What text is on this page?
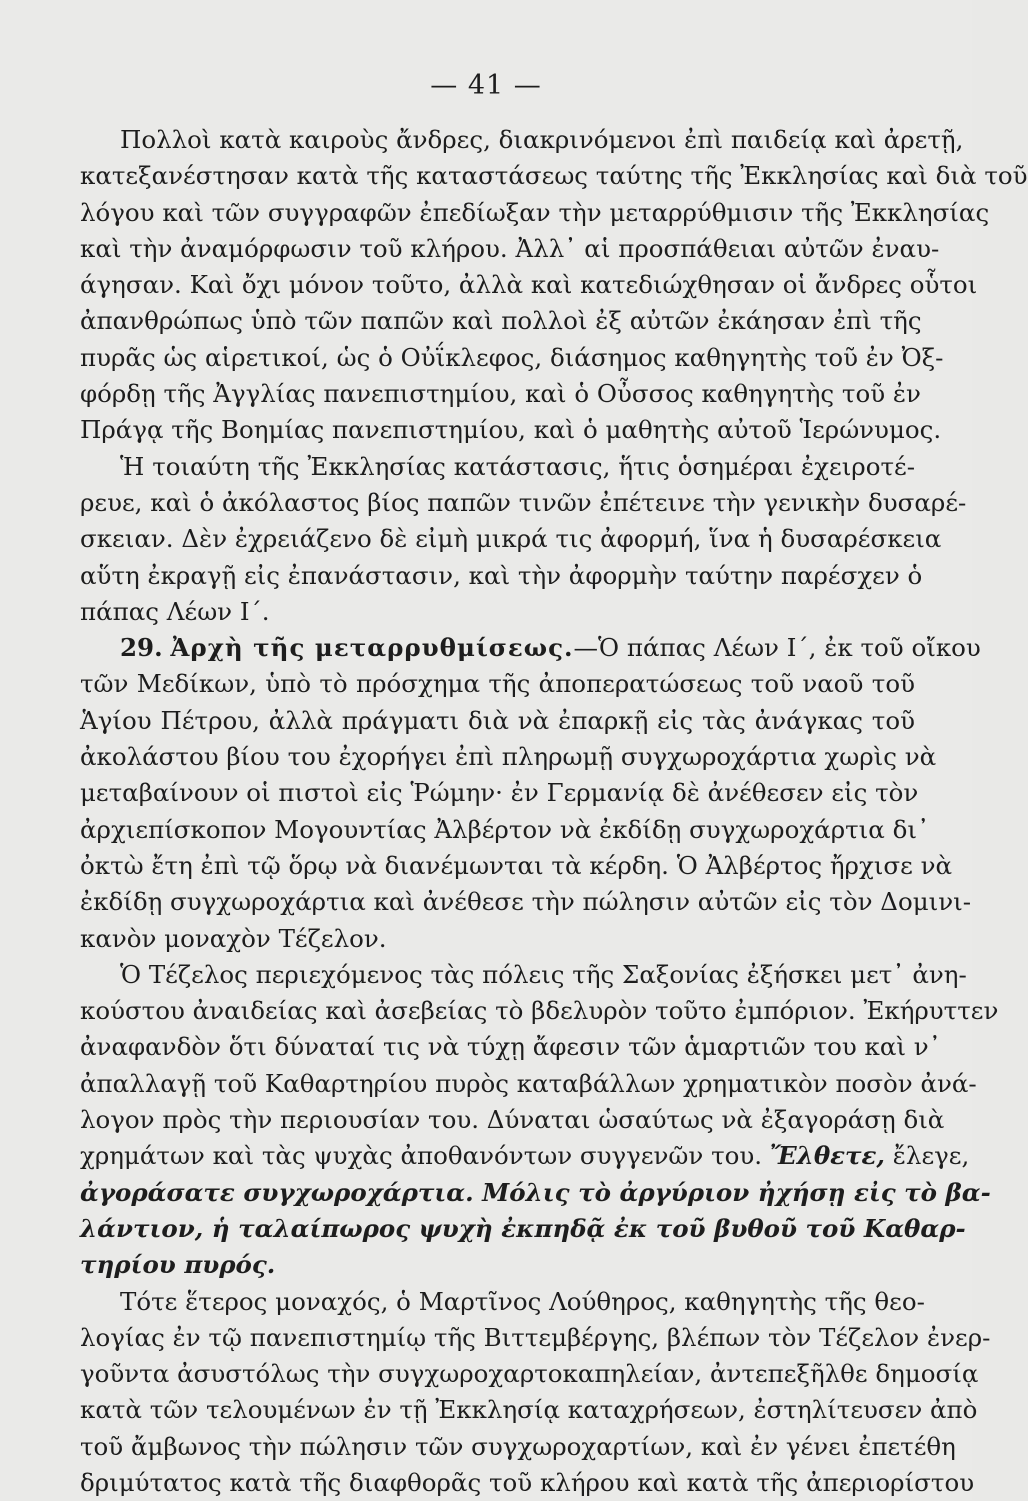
— 41 —
Πολλοὶ κατὰ καιροὺς ἄνδρες, διακρινόμενοι ἐπὶ παιδείᾳ καὶ ἀρετῇ,
κατεξανέστησαν κατὰ τῆς καταστάσεως ταύτης τῆς Ἐκκλησίας καὶ διὰ τοῦ
λόγου καὶ τῶν συγγραφῶν ἐπεδίωξαν τὴν μεταρρύθμισιν τῆς Ἐκκλησίας
καὶ τὴν ἀναμόρφωσιν τοῦ κλήρου. Ἀλλ᾽ αἱ προσπάθειαι αὐτῶν ἐναυ-
άγησαν. Καὶ ὄχι μόνον τοῦτο, ἀλλὰ καὶ κατεδιώχθησαν οἱ ἄνδρες οὗτοι
ἀπανθρώπως ὑπὸ τῶν παπῶν καὶ πολλοὶ ἐξ αὐτῶν ἐκάησαν ἐπὶ τῆς
πυρᾶς ὡς αἱρετικοί, ὡς ὁ Οὐΐκλεφος, διάσημος καθηγητὴς τοῦ ἐν Ὀξ-
φόρδῃ τῆς Ἀγγλίας πανεπιστημίου, καὶ ὁ Οὖσσος καθηγητὴς τοῦ ἐν
Πράγᾳ τῆς Βοημίας πανεπιστημίου, καὶ ὁ μαθητὴς αὐτοῦ Ἱερώνυμος.
Ἡ τοιαύτη τῆς Ἐκκλησίας κατάστασις, ἥτις ὁσημέραι ἐχειροτέ-
ρευε, καὶ ὁ ἀκόλαστος βίος παπῶν τινῶν ἐπέτεινε τὴν γενικὴν δυσαρέ-
σκειαν. Δὲν ἐχρειάζενο δὲ εἰμὴ μικρά τις ἀφορμή, ἵνα ἡ δυσαρέσκεια
αὕτη ἐκραγῇ εἰς ἐπανάστασιν, καὶ τὴν ἀφορμὴν ταύτην παρέσχεν ὁ
πάπας Λέων Ι΄.
29. Ἀρχὴ τῆς μεταρρυθμίσεως.—Ὁ πάπας Λέων Ι΄, ἐκ τοῦ οἴκου
τῶν Μεδίκων, ὑπὸ τὸ πρόσχημα τῆς ἀποπερατώσεως τοῦ ναοῦ τοῦ
Ἁγίου Πέτρου, ἀλλὰ πράγματι διὰ νὰ ἐπαρκῇ εἰς τὰς ἀνάγκας τοῦ
ἀκολάστου βίου του ἐχορήγει ἐπὶ πληρωμῇ συγχωροχάρτια χωρὶς νὰ
μεταβαίνουν οἱ πιστοὶ εἰς Ῥώμην· ἐν Γερμανίᾳ δὲ ἀνέθεσεν εἰς τὸν
ἀρχιεπίσκοπον Μογουντίας Ἀλβέρτον νὰ ἐκδίδῃ συγχωροχάρτια δι᾽
ὀκτὼ ἔτη ἐπὶ τῷ ὅρῳ νὰ διανέμωνται τὰ κέρδη. Ὁ Ἀλβέρτος ἤρχισε νὰ
ἐκδίδῃ συγχωροχάρτια καὶ ἀνέθεσε τὴν πώλησιν αὐτῶν εἰς τὸν Δομινι-
κανὸν μοναχὸν Τέζελον.
Ὁ Τέζελος περιεχόμενος τὰς πόλεις τῆς Σαξονίας ἐξήσκει μετ᾽ ἀνη-
κούστου ἀναιδείας καὶ ἀσεβείας τὸ βδελυρὸν τοῦτο ἐμπόριον. Ἐκήρυττεν
ἀναφανδὸν ὅτι δύναταί τις νὰ τύχῃ ἄφεσιν τῶν ἁμαρτιῶν του καὶ ν᾽
ἀπαλλαγῇ τοῦ Καθαρτηρίου πυρὸς καταβάλλων χρηματικὸν ποσὸν ἀνά-
λογον πρὸς τὴν περιουσίαν του. Δύναται ὡσαύτως νὰ ἐξαγοράσῃ διὰ
χρημάτων καὶ τὰς ψυχὰς ἀποθανόντων συγγενῶν του. Ἔλθετε, ἔλεγε,
ἀγοράσατε συγχωροχάρτια. Μόλις τὸ ἀργύριον ἠχήσῃ εἰς τὸ βα-
λάντιον, ἡ ταλαίπωρος ψυχὴ ἐκπηδᾷ ἐκ τοῦ βυθοῦ τοῦ Καθαρ-
τηρίου πυρός.
Τότε ἕτερος μοναχός, ὁ Μαρτῖνος Λούθηρος, καθηγητὴς τῆς θεο-
λογίας ἐν τῷ πανεπιστημίῳ τῆς Βιττεμβέργης, βλέπων τὸν Τέζελον ἐνερ-
γοῦντα ἀσυστόλως τὴν συγχωροχαρτοκαπηλείαν, ἀντεπεξῆλθε δημοσίᾳ
κατὰ τῶν τελουμένων ἐν τῇ Ἐκκλησίᾳ καταχρήσεων, ἐστηλίτευσεν ἀπὸ
τοῦ ἄμβωνος τὴν πώλησιν τῶν συγχωροχαρτίων, καὶ ἐν γένει ἐπετέθη
δριμύτατος κατὰ τῆς διαφθορᾶς τοῦ κλήρου καὶ κατὰ τῆς ἀπεριορίστου
